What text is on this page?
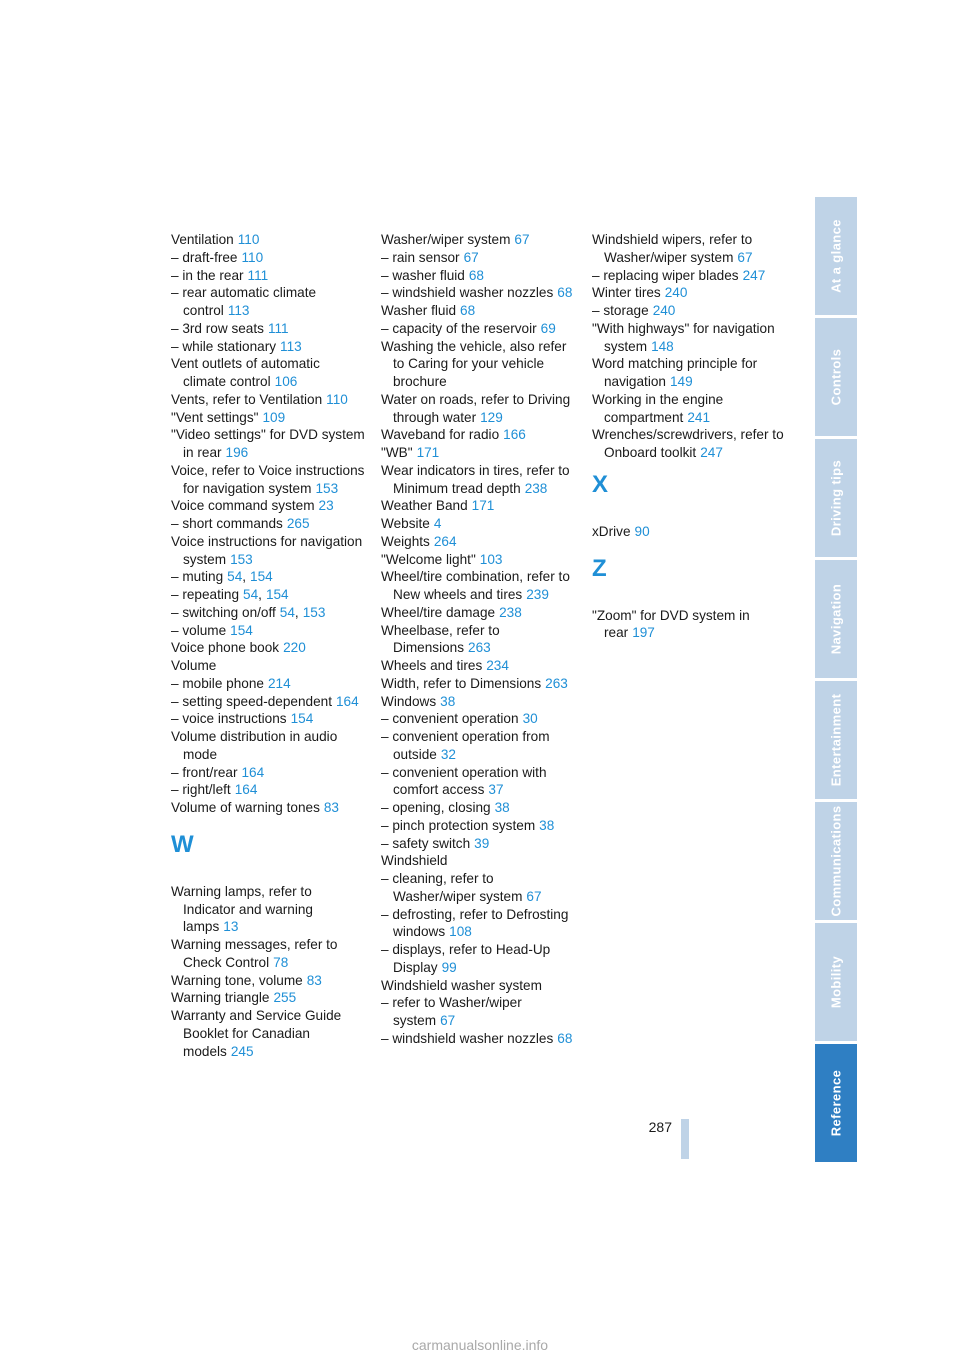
Ventilation 110
– draft-free 110
– in the rear 111
– rear automatic climate control 113
– 3rd row seats 111
– while stationary 113
Vent outlets of automatic climate control 106
Vents, refer to Ventilation 110
"Vent settings" 109
"Video settings" for DVD system in rear 196
Voice, refer to Voice instructions for navigation system 153
Voice command system 23
– short commands 265
Voice instructions for navigation system 153
– muting 54, 154
– repeating 54, 154
– switching on/off 54, 153
– volume 154
Voice phone book 220
Volume
– mobile phone 214
– setting speed-dependent 164
– voice instructions 154
Volume distribution in audio mode
– front/rear 164
– right/left 164
Volume of warning tones 83
W
Warning lamps, refer to Indicator and warning lamps 13
Warning messages, refer to Check Control 78
Warning tone, volume 83
Warning triangle 255
Warranty and Service Guide Booklet for Canadian models 245
Washer/wiper system 67
– rain sensor 67
– washer fluid 68
– windshield washer nozzles 68
Washer fluid 68
– capacity of the reservoir 69
Washing the vehicle, also refer to Caring for your vehicle brochure
Water on roads, refer to Driving through water 129
Waveband for radio 166
"WB" 171
Wear indicators in tires, refer to Minimum tread depth 238
Weather Band 171
Website 4
Weights 264
"Welcome light" 103
Wheel/tire combination, refer to New wheels and tires 239
Wheel/tire damage 238
Wheelbase, refer to Dimensions 263
Wheels and tires 234
Width, refer to Dimensions 263
Windows 38
– convenient operation 30
– convenient operation from outside 32
– convenient operation with comfort access 37
– opening, closing 38
– pinch protection system 38
– safety switch 39
Windshield
– cleaning, refer to Washer/wiper system 67
– defrosting, refer to Defrosting windows 108
– displays, refer to Head-Up Display 99
Windshield washer system
– refer to Washer/wiper system 67
– windshield washer nozzles 68
Windshield wipers, refer to Washer/wiper system 67
– replacing wiper blades 247
Winter tires 240
– storage 240
"With highways" for navigation system 148
Word matching principle for navigation 149
Working in the engine compartment 241
Wrenches/screwdrivers, refer to Onboard toolkit 247
X
xDrive 90
Z
"Zoom" for DVD system in rear 197
At a glance
Controls
Driving tips
Navigation
Entertainment
Communications
Mobility
Reference
287
carmanualsonline.info
